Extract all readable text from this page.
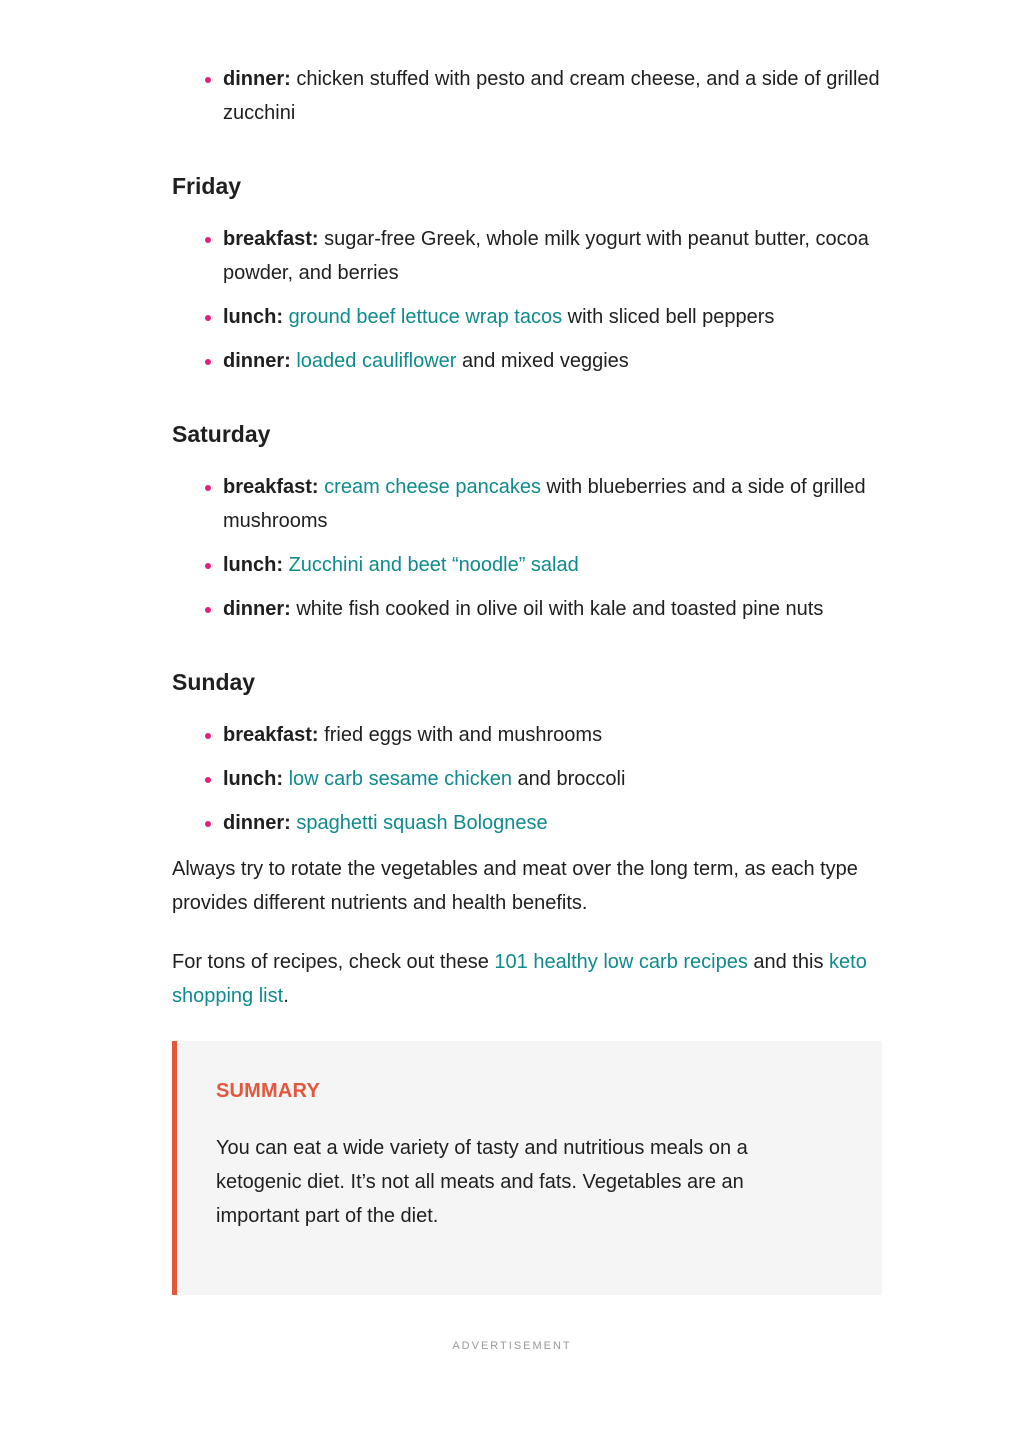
dinner: chicken stuffed with pesto and cream cheese, and a side of grilled zucchini
Friday
breakfast: sugar-free Greek, whole milk yogurt with peanut butter, cocoa powder, and berries
lunch: ground beef lettuce wrap tacos with sliced bell peppers
dinner: loaded cauliflower and mixed veggies
Saturday
breakfast: cream cheese pancakes with blueberries and a side of grilled mushrooms
lunch: Zucchini and beet “noodle” salad
dinner: white fish cooked in olive oil with kale and toasted pine nuts
Sunday
breakfast: fried eggs with and mushrooms
lunch: low carb sesame chicken and broccoli
dinner: spaghetti squash Bolognese

Always try to rotate the vegetables and meat over the long term, as each type provides different nutrients and health benefits.

For tons of recipes, check out these 101 healthy low carb recipes and this keto shopping list.

SUMMARY
You can eat a wide variety of tasty and nutritious meals on a ketogenic diet. It’s not all meats and fats. Vegetables are an important part of the diet.
ADVERTISEMENT
